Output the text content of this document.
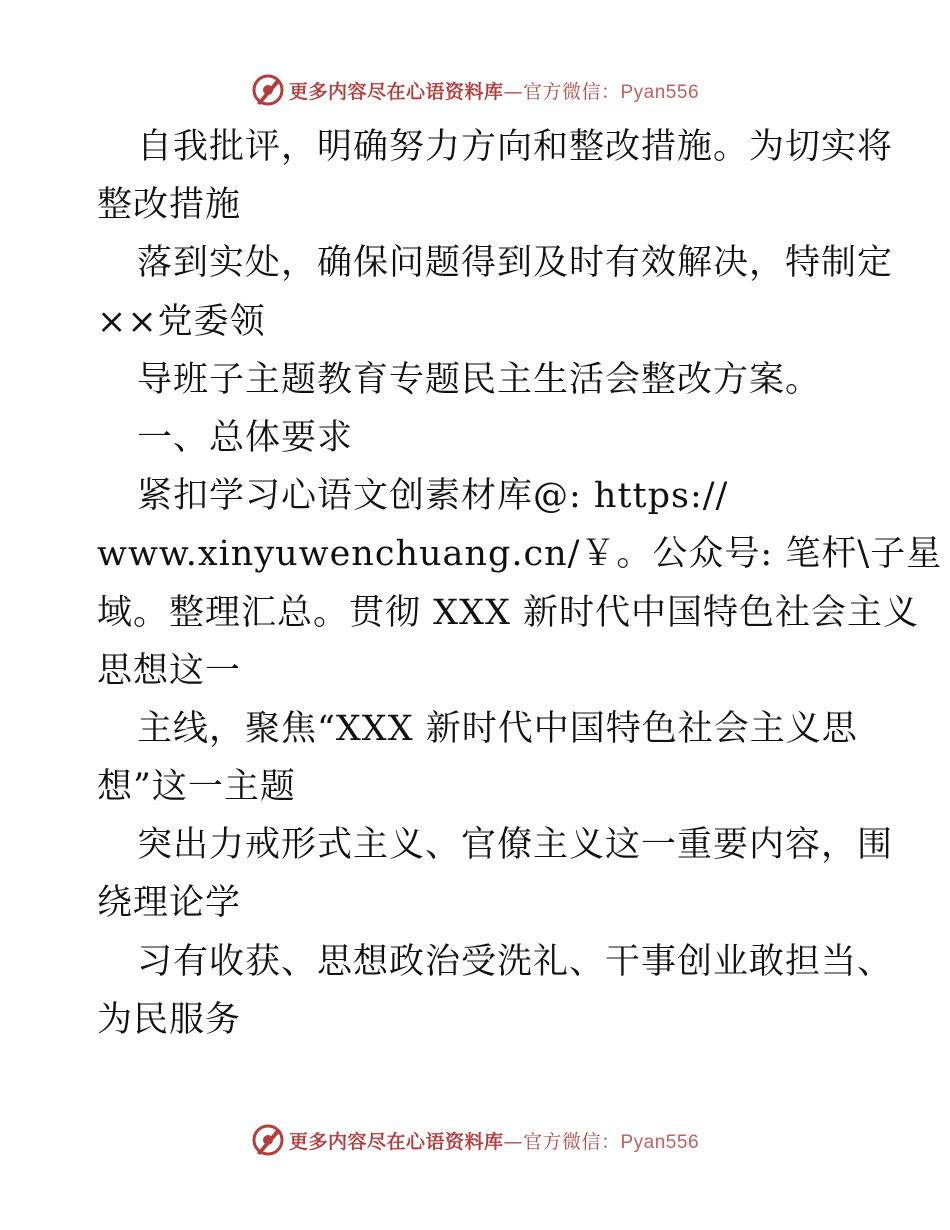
更多内容尽在心语资料库—官方微信：Pyan556
自我批评，明确努力方向和整改措施。为切实将
整改措施
落到实处，确保问题得到及时有效解决，特制定
××党委领
导班子主题教育专题民主生活会整改方案。
一、总体要求
紧扣学习心语文创素材库@: https://
www.xinyuwenchuang.cn/￥。公众号: 笔杆\子星
域。整理汇总。贯彻 XXX 新时代中国特色社会主义
思想这一
主线，聚焦“XXX 新时代中国特色社会主义思
想”这一主题
突出力戒形式主义、官僚主义这一重要内容，围
绕理论学
习有收获、思想政治受洗礼、干事创业敢担当、
为民服务
更多内容尽在心语资料库—官方微信：Pyan556
